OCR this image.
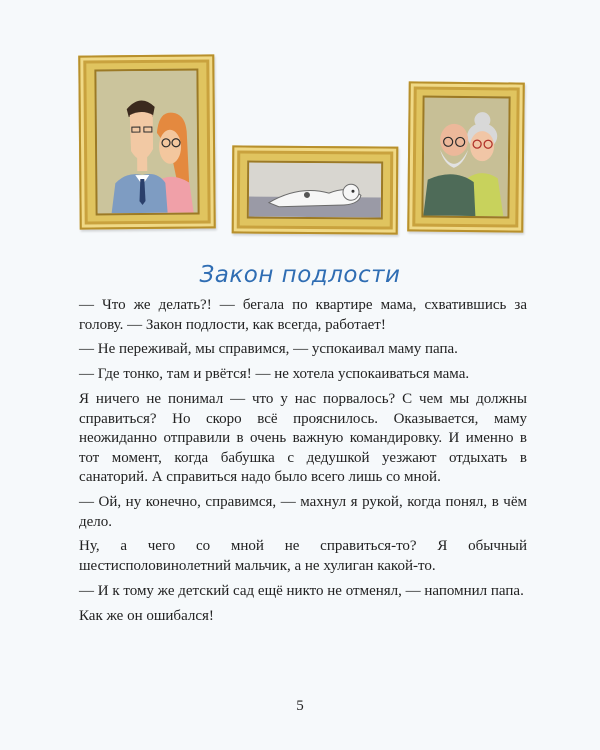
Закон подлости

— Что же делать?! — бегала по квартире мама, схватившись за голову. — Закон подлости, как всегда, работает!

— Не переживай, мы справимся, — успокаивал маму папа.

— Где тонко, там и рвётся! — не хотела успокаиваться мама.

Я ничего не понимал — что у нас порвалось? С чем мы должны справиться? Но скоро всё прояснилось. Оказывается, маму неожиданно отправили в очень важную командировку. И именно в тот момент, когда бабушка с дедушкой уезжают отдыхать в санаторий. А справиться надо было всего лишь со мной.

— Ой, ну конечно, справимся, — махнул я рукой, когда понял, в чём дело.

Ну, а чего со мной не справиться-то? Я обычный шестисполовинолетний мальчик, а не хулиган какой-то.

— И к тому же детский сад ещё никто не отменял, — напомнил папа.

Как же он ошибался!

5
